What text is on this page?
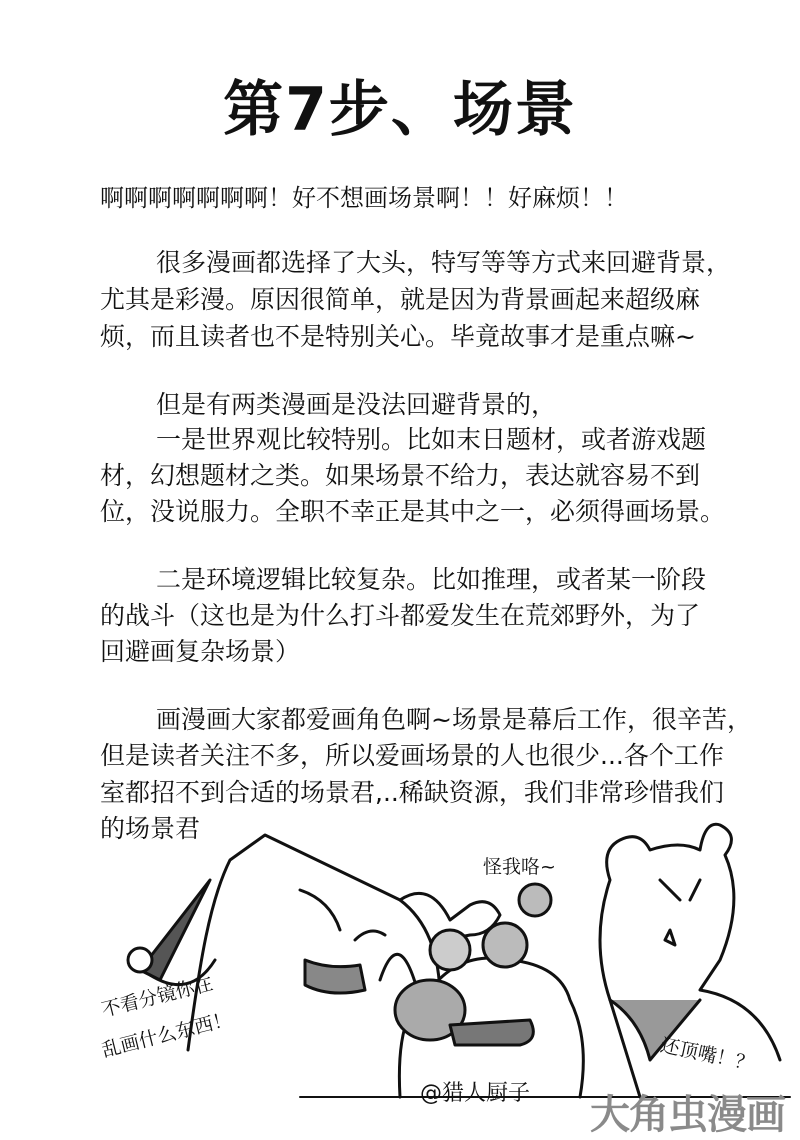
第7步、场景
啊啊啊啊啊啊啊！好不想画场景啊！！好麻烦！！
很多漫画都选择了大头，特写等等方式来回避背景，
尤其是彩漫。原因很简单，就是因为背景画起来超级麻
烦，而且读者也不是特别关心。毕竟故事才是重点嘛~
但是有两类漫画是没法回避背景的，
一是世界观比较特别。比如末日题材，或者游戏题
材，幻想题材之类。如果场景不给力，表达就容易不到
位，没说服力。全职不幸正是其中之一，必须得画场景。
二是环境逻辑比较复杂。比如推理，或者某一阶段
的战斗（这也是为什么打斗都爱发生在荒郊野外，为了
回避画复杂场景）
画漫画大家都爱画角色啊~场景是幕后工作，很辛苦，
但是读者关注不多，所以爱画场景的人也很少...各个工作
室都招不到合适的场景君,..稀缺资源，我们非常珍惜我们
的场景君
不看分镜你在
乱画什么东西！
怪我咯~
还顶嘴！？
@猎人厨子 大角虫漫画
